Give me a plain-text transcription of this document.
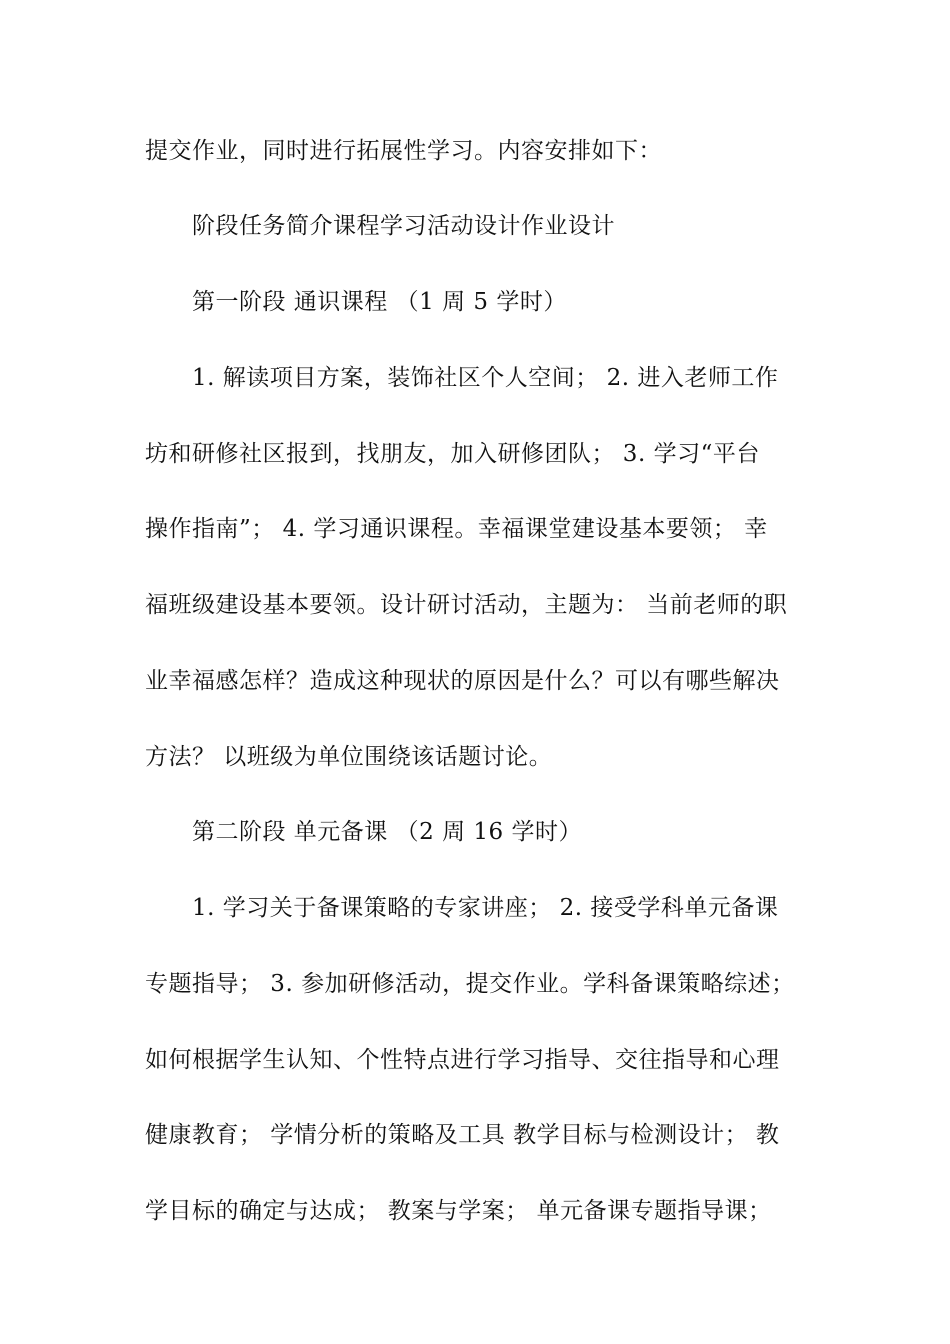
提交作业，同时进行拓展性学习。内容安排如下：
阶段任务简介课程学习活动设计作业设计
第一阶段 通识课程 （1 周 5 学时）
1. 解读项目方案，装饰社区个人空间； 2. 进入老师工作
坊和研修社区报到，找朋友，加入研修团队； 3. 学习“平台
操作指南”； 4. 学习通识课程。幸福课堂建设基本要领； 幸
福班级建设基本要领。设计研讨活动，主题为： 当前老师的职
业幸福感怎样？造成这种现状的原因是什么？可以有哪些解决
方法？ 以班级为单位围绕该话题讨论。
第二阶段 单元备课 （2 周 16 学时）
1. 学习关于备课策略的专家讲座； 2. 接受学科单元备课
专题指导； 3. 参加研修活动，提交作业。学科备课策略综述；
如何根据学生认知、个性特点进行学习指导、交往指导和心理
健康教育； 学情分析的策略及工具 教学目标与检测设计； 教
学目标的确定与达成； 教案与学案； 单元备课专题指导课；
